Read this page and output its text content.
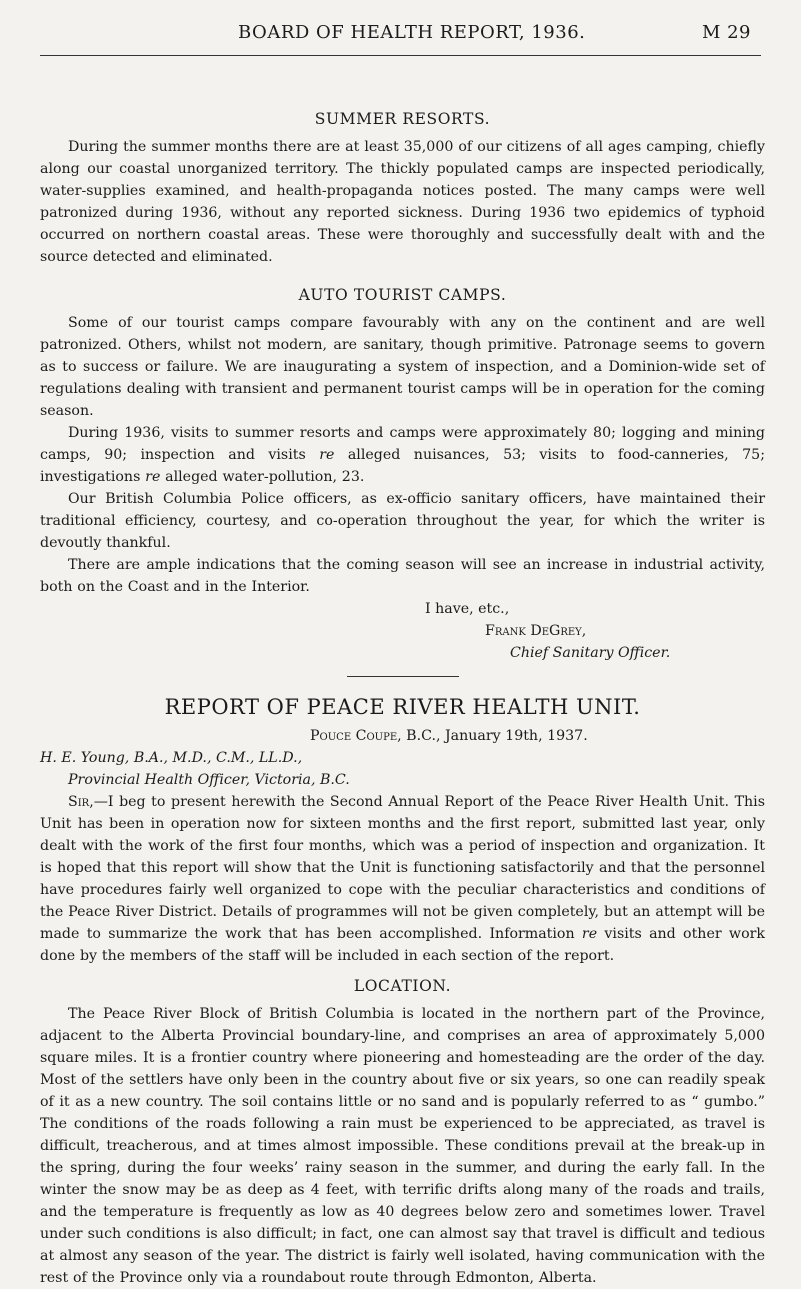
BOARD OF HEALTH REPORT, 1936.	M 29
SUMMER RESORTS.

During the summer months there are at least 35,000 of our citizens of all ages camping, chiefly along our coastal unorganized territory. The thickly populated camps are inspected periodically, water-supplies examined, and health-propaganda notices posted. The many camps were well patronized during 1936, without any reported sickness. During 1936 two epidemics of typhoid occurred on northern coastal areas. These were thoroughly and successfully dealt with and the source detected and eliminated.

AUTO TOURIST CAMPS.

Some of our tourist camps compare favourably with any on the continent and are well patronized. Others, whilst not modern, are sanitary, though primitive. Patronage seems to govern as to success or failure. We are inaugurating a system of inspection, and a Dominion-wide set of regulations dealing with transient and permanent tourist camps will be in operation for the coming season.

During 1936, visits to summer resorts and camps were approximately 80; logging and mining camps, 90; inspection and visits re alleged nuisances, 53; visits to food-canneries, 75; investigations re alleged water-pollution, 23.

Our British Columbia Police officers, as ex-officio sanitary officers, have maintained their traditional efficiency, courtesy, and co-operation throughout the year, for which the writer is devoutly thankful.

There are ample indications that the coming season will see an increase in industrial activity, both on the Coast and in the Interior.

I have, etc.,
Frank DeGrey,
Chief Sanitary Officer.
REPORT OF PEACE RIVER HEALTH UNIT.
Pouce Coupe, B.C., January 19th, 1937.
H. E. Young, B.A., M.D., C.M., LL.D.,
Provincial Health Officer, Victoria, B.C.

Sir,—I beg to present herewith the Second Annual Report of the Peace River Health Unit. This Unit has been in operation now for sixteen months and the first report, submitted last year, only dealt with the work of the first four months, which was a period of inspection and organization. It is hoped that this report will show that the Unit is functioning satisfactorily and that the personnel have procedures fairly well organized to cope with the peculiar characteristics and conditions of the Peace River District. Details of programmes will not be given completely, but an attempt will be made to summarize the work that has been accomplished. Information re visits and other work done by the members of the staff will be included in each section of the report.

LOCATION.

The Peace River Block of British Columbia is located in the northern part of the Province, adjacent to the Alberta Provincial boundary-line, and comprises an area of approximately 5,000 square miles. It is a frontier country where pioneering and homesteading are the order of the day. Most of the settlers have only been in the country about five or six years, so one can readily speak of it as a new country. The soil contains little or no sand and is popularly referred to as “ gumbo.” The conditions of the roads following a rain must be experienced to be appreciated, as travel is difficult, treacherous, and at times almost impossible. These conditions prevail at the break-up in the spring, during the four weeks’ rainy season in the summer, and during the early fall. In the winter the snow may be as deep as 4 feet, with terrific drifts along many of the roads and trails, and the temperature is frequently as low as 40 degrees below zero and sometimes lower. Travel under such conditions is also difficult; in fact, one can almost say that travel is difficult and tedious at almost any season of the year. The district is fairly well isolated, having communication with the rest of the Province only via a roundabout route through Edmonton, Alberta.
